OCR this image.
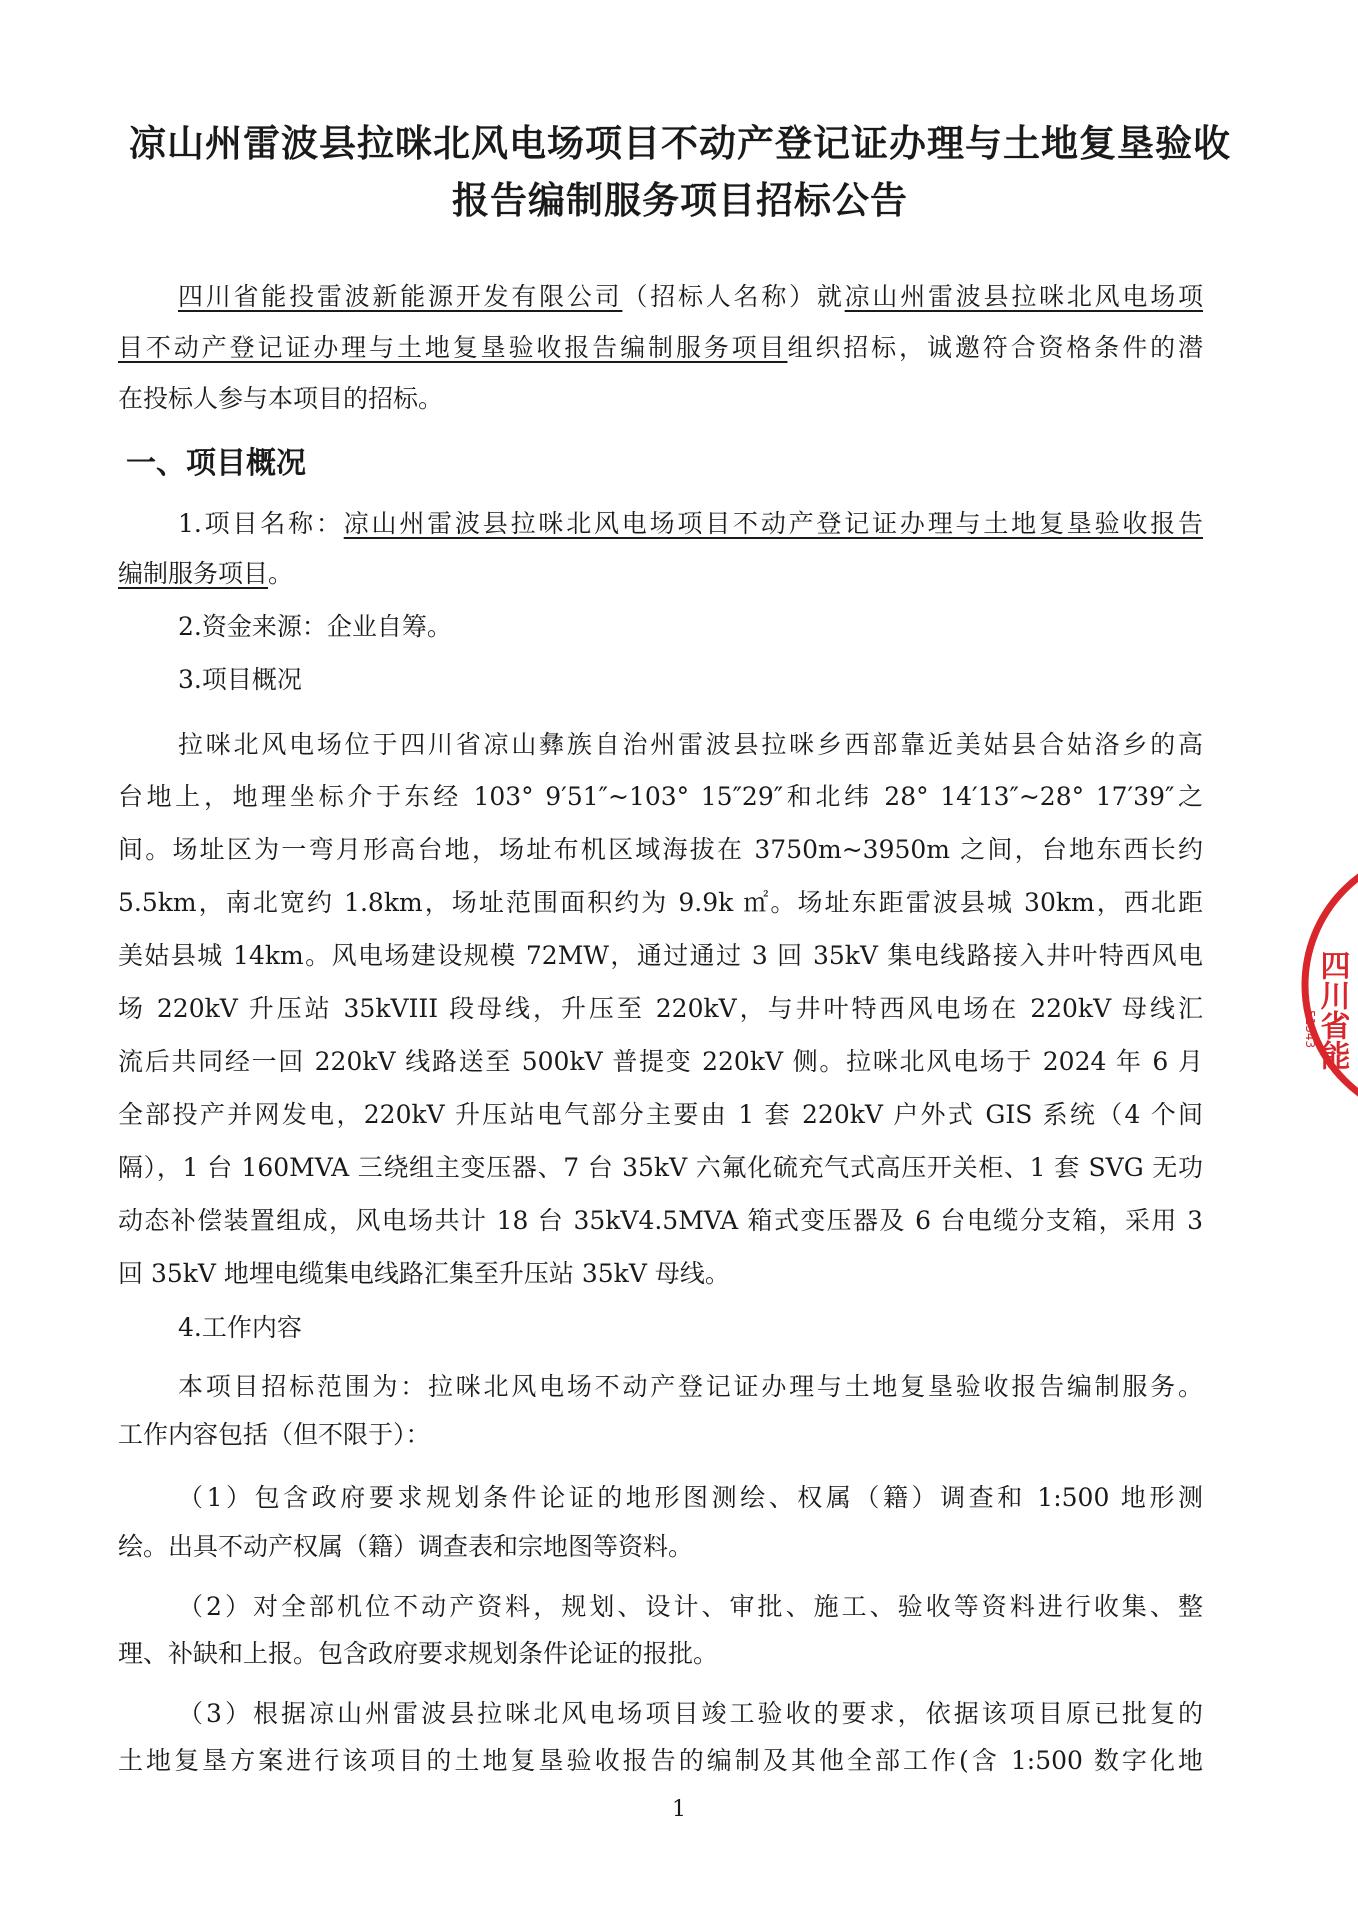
凉山州雷波县拉咪北风电场项目不动产登记证办理与土地复垦验收
报告编制服务项目招标公告
四川省能投雷波新能源开发有限公司（招标人名称）就凉山州雷波县拉咪北风电场项
目不动产登记证办理与土地复垦验收报告编制服务项目组织招标，诚邀符合资格条件的潜
在投标人参与本项目的招标。
一、项目概况
1.项目名称：凉山州雷波县拉咪北风电场项目不动产登记证办理与土地复垦验收报告
编制服务项目。
2.资金来源：企业自筹。
3.项目概况
拉咪北风电场位于四川省凉山彝族自治州雷波县拉咪乡西部靠近美姑县合姑洛乡的高
台地上，地理坐标介于东经 103° 9′51″~103° 15″29″和北纬 28° 14′13″~28° 17′39″之
间。场址区为一弯月形高台地，场址布机区域海拔在 3750m~3950m 之间，台地东西长约
5.5km，南北宽约 1.8km，场址范围面积约为 9.9k ㎡。场址东距雷波县城 30km，西北距
美姑县城 14km。风电场建设规模 72MW，通过通过 3 回 35kV 集电线路接入井叶特西风电
场 220kV 升压站 35kVIII 段母线，升压至 220kV，与井叶特西风电场在 220kV 母线汇
流后共同经一回 220kV 线路送至 500kV 普提变 220kV 侧。拉咪北风电场于 2024 年 6 月
全部投产并网发电，220kV 升压站电气部分主要由 1 套 220kV 户外式 GIS 系统（4 个间
隔），1 台 160MVA 三绕组主变压器、7 台 35kV 六氟化硫充气式高压开关柜、1 套 SVG 无功
动态补偿装置组成，风电场共计 18 台 35kV4.5MVA 箱式变压器及 6 台电缆分支箱，采用 3
回 35kV 地埋电缆集电线路汇集至升压站 35kV 母线。
4.工作内容
本项目招标范围为：拉咪北风电场不动产登记证办理与土地复垦验收报告编制服务。
工作内容包括（但不限于）：
（1）包含政府要求规划条件论证的地形图测绘、权属（籍）调查和 1:500 地形测
绘。出具不动产权属（籍）调查表和宗地图等资料。
（2）对全部机位不动产资料，规划、设计、审批、施工、验收等资料进行收集、整
理、补缺和上报。包含政府要求规划条件论证的报批。
（3）根据凉山州雷波县拉咪北风电场项目竣工验收的要求，依据该项目原已批复的
土地复垦方案进行该项目的土地复垦验收报告的编制及其他全部工作(含 1:500 数字化地
1
四川省能
51343
